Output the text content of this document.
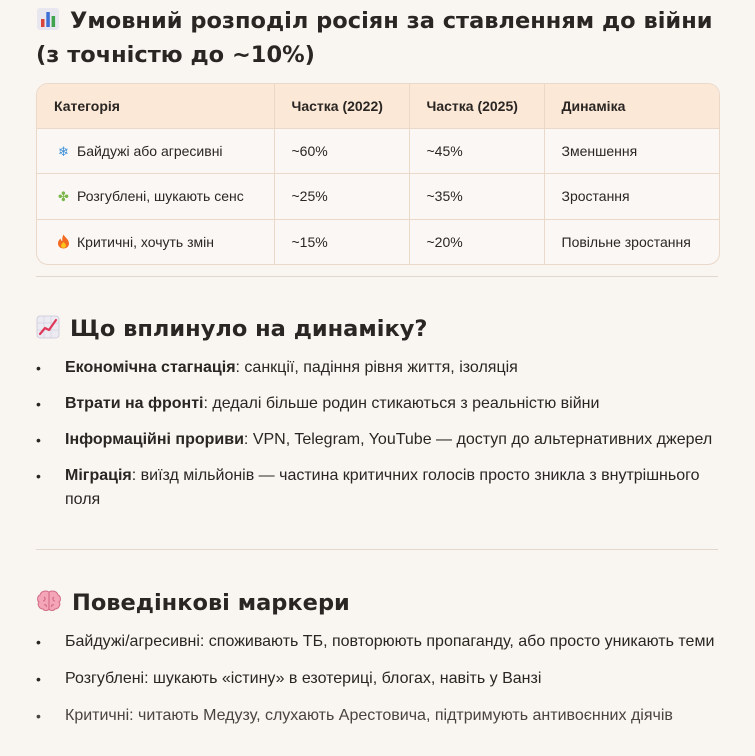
Умовний розподіл росіян за ставленням до війни (з точністю до ~10%)
Категорія	Частка (2022)	Частка (2025)	Динаміка
❄ Байдужі або агресивні	~60%	~45%	Зменшення
✤ Розгублені, шукають сенс	~25%	~35%	Зростання
Критичні, хочуть змін	~15%	~20%	Повільне зростання
Що вплинуло на динаміку?
• Економічна стагнація: санкції, падіння рівня життя, ізоляція
• Втрати на фронті: дедалі більше родин стикаються з реальністю війни
• Інформаційні прориви: VPN, Telegram, YouTube — доступ до альтернативних джерел
• Міграція: виїзд мільйонів — частина критичних голосів просто зникла з внутрішнього поля
Поведінкові маркери
• Байдужі/агресивні: споживають ТБ, повторюють пропаганду, або просто уникають теми
• Розгублені: шукають «істину» в езотериці, блогах, навіть у Ванзі
• Критичні: читають Медузу, слухають Арестовича, підтримують антивоєнних діячів
